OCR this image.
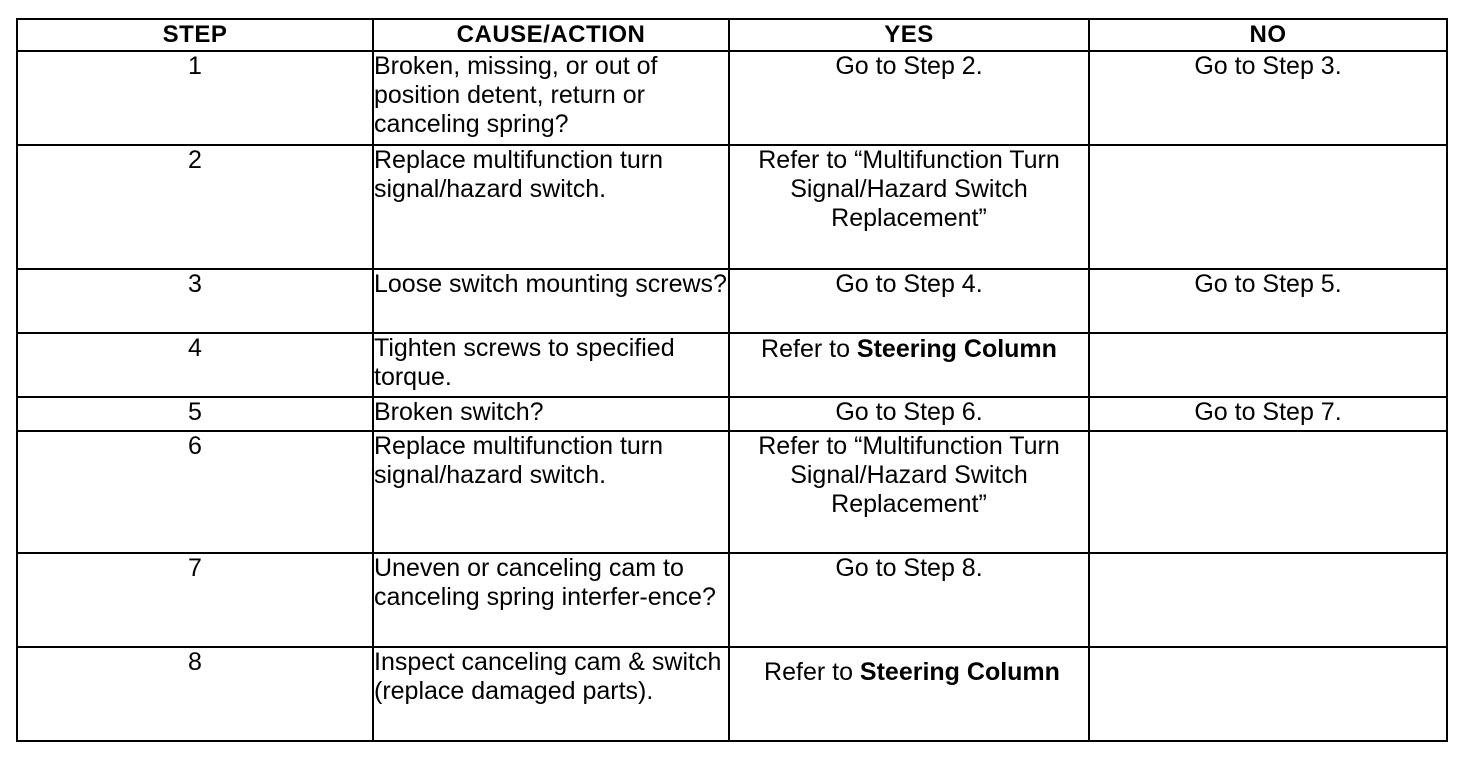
STEP	CAUSE/ACTION	YES	NO
1	Broken, missing, or out of position detent, return or canceling spring?	Go to Step 2.	Go to Step 3.
2	Replace multifunction turn signal/hazard switch.	Refer to “Multifunction Turn Signal/Hazard Switch Replacement”	
3	Loose switch mounting screws?	Go to Step 4.	Go to Step 5.
4	Tighten screws to specified torque.	Refer to Steering Column	
5	Broken switch?	Go to Step 6.	Go to Step 7.
6	Replace multifunction turn signal/hazard switch.	Refer to “Multifunction Turn Signal/Hazard Switch Replacement”	
7	Uneven or canceling cam to canceling spring interfer-ence?	Go to Step 8.	
8	Inspect canceling cam & switch (replace damaged parts).	Refer to Steering Column	
